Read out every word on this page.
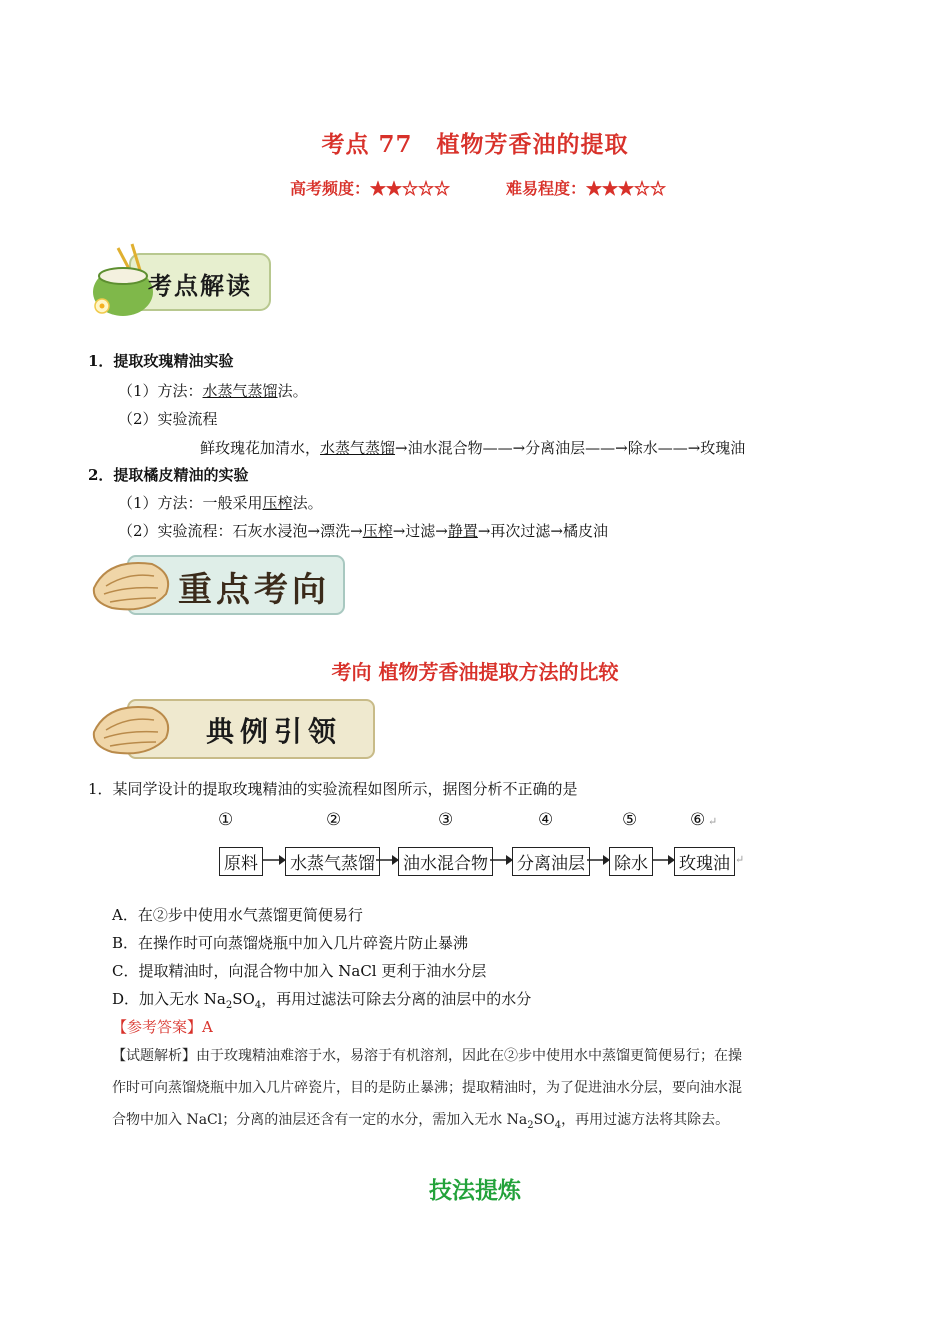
考点 77　植物芳香油的提取
高考频度：★★☆☆☆	难易程度：★★★☆☆
考点解读
1．提取玫瑰精油实验
（1）方法：水蒸气蒸馏法。
（2）实验流程
鲜玫瑰花加清水，水蒸气蒸馏→油水混合物——→分离油层——→除水——→玫瑰油
2．提取橘皮精油的实验
（1）方法：一般采用压榨法。
（2）实验流程：石灰水浸泡→漂洗→压榨→过滤→静置→再次过滤→橘皮油
重点考向
考向 植物芳香油提取方法的比较
典例引领
1．某同学设计的提取玫瑰精油的实验流程如图所示，据图分析不正确的是
①	②	③	④	⑤	⑥ ↵
原料 水蒸气蒸馏 油水混合物 分离油层 除水 玫瑰油 ↵
A．在②步中使用水气蒸馏更简便易行
B．在操作时可向蒸馏烧瓶中加入几片碎瓷片防止暴沸
C．提取精油时，向混合物中加入 NaCl 更利于油水分层
D．加入无水 $Na_2SO_4$，再用过滤法可除去分离的油层中的水分
【参考答案】A
【试题解析】由于玫瑰精油难溶于水，易溶于有机溶剂，因此在②步中使用水中蒸馏更简便易行；在操
作时可向蒸馏烧瓶中加入几片碎瓷片，目的是防止暴沸；提取精油时，为了促进油水分层，要向油水混
合物中加入 NaCl；分离的油层还含有一定的水分，需加入无水 $Na_2SO_4$，再用过滤方法将其除去。
技法提炼
